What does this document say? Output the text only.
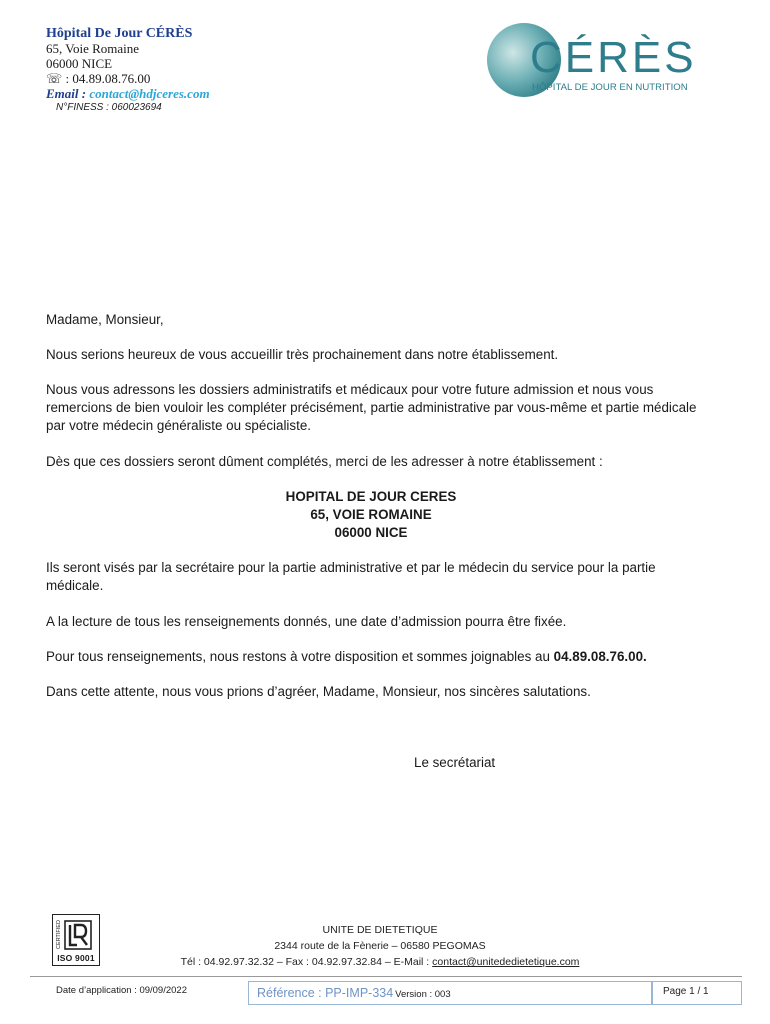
Hôpital De Jour CÉRÈS
65, Voie Romaine
06000 NICE
☏ : 04.89.08.76.00
Email : contact@hdjceres.com
N°FINESS : 060023694
CÉRÈS
HÔPITAL DE JOUR EN NUTRITION
Madame, Monsieur,
Nous serions heureux de vous accueillir très prochainement dans notre établissement.
Nous vous adressons les dossiers administratifs et médicaux pour votre future admission et nous vous remercions de bien vouloir les compléter précisément, partie administrative par vous-même et partie médicale par votre médecin généraliste ou spécialiste.
Dès que ces dossiers seront dûment complétés, merci de les adresser à notre établissement :
HOPITAL DE JOUR CERES
65, VOIE ROMAINE
06000 NICE
Ils seront visés par la secrétaire pour la partie administrative et par le médecin du service pour la partie médicale.
A la lecture de tous les renseignements donnés, une date d’admission pourra être fixée.
Pour tous renseignements, nous restons à votre disposition et sommes joignables au 04.89.08.76.00.
Dans cette attente, nous vous prions d’agréer, Madame, Monsieur, nos sincères salutations.
Le secrétariat
CERTIFIED
ISO 9001
UNITE DE DIETETIQUE
2344 route de la Fènerie – 06580 PEGOMAS
Tél : 04.92.97.32.32 – Fax : 04.92.97.32.84 – E-Mail : contact@unitededietetique.com
Date d’application : 09/09/2022	Référence : PP-IMP-334 Version : 003	Page 1 / 1
